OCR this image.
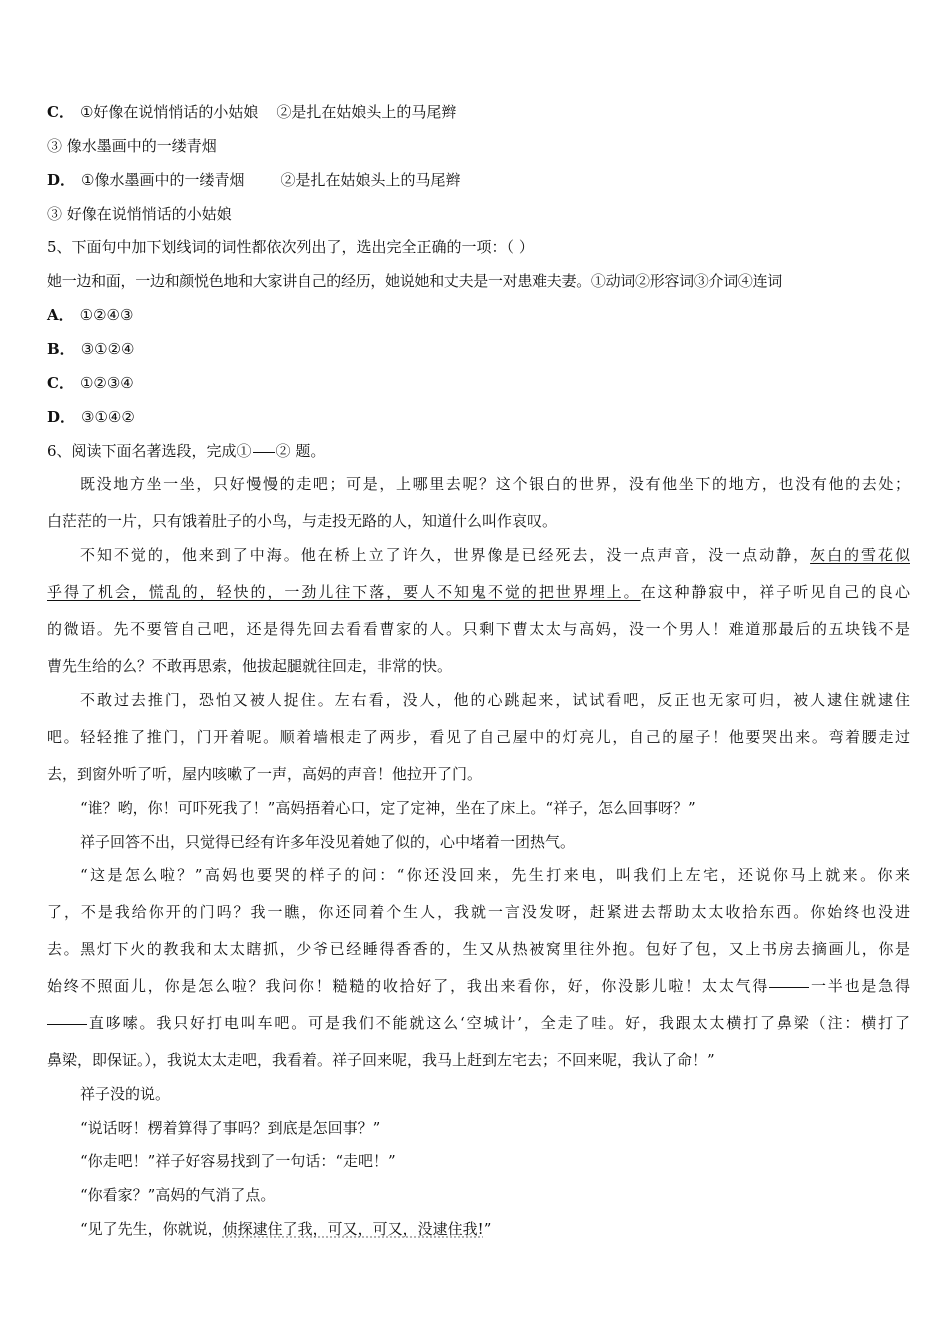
C． ①好像在说悄悄话的小姑娘 ②是扎在姑娘头上的马尾辫
③ 像水墨画中的一缕青烟
D． ①像水墨画中的一缕青烟 ②是扎在姑娘头上的马尾辫
③ 好像在说悄悄话的小姑娘
5、下面句中加下划线词的词性都依次列出了，选出完全正确的一项：（ ）
她一边和面，一边和颜悦色地和大家讲自己的经历，她说她和丈夫是一对患难夫妻。①动词②形容词③介词④连词
A． ①②④③
B． ③①②④
C． ①②③④
D． ③①④②
6、阅读下面名著选段，完成① ② 题。
既没地方坐一坐，只好慢慢的走吧；可是，上哪里去呢？这个银白的世界，没有他坐下的地方，也没有他的去处；
白茫茫的一片，只有饿着肚子的小鸟，与走投无路的人，知道什么叫作哀叹。
不知不觉的，他来到了中海。他在桥上立了许久，世界像是已经死去，没一点声音，没一点动静，灰白的雪花似
乎得了机会，慌乱的，轻快的，一劲儿往下落，要人不知鬼不觉的把世界埋上。在这种静寂中，祥子听见自己的良心
的微语。先不要管自己吧，还是得先回去看看曹家的人。只剩下曹太太与高妈，没一个男人！难道那最后的五块钱不是
曹先生给的么？不敢再思索，他拔起腿就往回走，非常的快。
不敢过去推门，恐怕又被人捉住。左右看，没人，他的心跳起来，试试看吧，反正也无家可归，被人逮住就逮住
吧。轻轻推了推门，门开着呢。顺着墙根走了两步，看见了自己屋中的灯亮儿，自己的屋子！他要哭出来。弯着腰走过
去，到窗外听了听，屋内咳嗽了一声，高妈的声音！他拉开了门。
“谁？哟，你！可吓死我了！”高妈捂着心口，定了定神，坐在了床上。“祥子，怎么回事呀？”
祥子回答不出，只觉得已经有许多年没见着她了似的，心中堵着一团热气。
“这是怎么啦？”高妈也要哭的样子的问：“你还没回来，先生打来电，叫我们上左宅，还说你马上就来。你来
了，不是我给你开的门吗？我一瞧，你还同着个生人，我就一言没发呀，赶紧进去帮助太太收拾东西。你始终也没进
去。黑灯下火的教我和太太瞎抓，少爷已经睡得香香的，生又从热被窝里往外抱。包好了包，又上书房去摘画儿，你是
始终不照面儿，你是怎么啦？我问你！糙糙的收拾好了，我出来看你，好，你没影儿啦！太太气得	一半也是急得
直哆嗦。我只好打电叫车吧。可是我们不能就这么‘空城计’，全走了哇。好，我跟太太横打了鼻梁（注：横打了
鼻梁，即保证。），我说太太走吧，我看着。祥子回来呢，我马上赶到左宅去；不回来呢，我认了命！”
祥子没的说。
“说话呀！楞着算得了事吗？到底是怎回事？”
“你走吧！”祥子好容易找到了一句话：“走吧！”
“你看家？”高妈的气消了点。
“见了先生，你就说，侦探逮住了我，可又，可又，没逮住我!”
